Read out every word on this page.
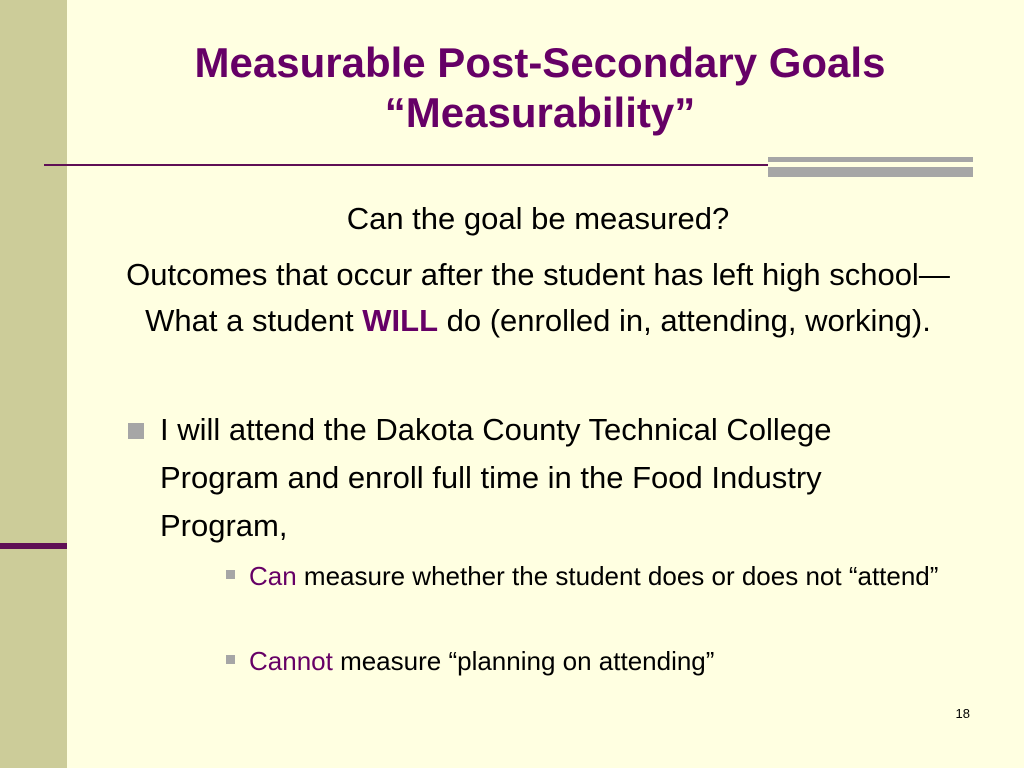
Measurable Post-Secondary Goals
“Measurability”
Can the goal be measured?
Outcomes that occur after the student has left high school—What a student WILL do (enrolled in, attending, working).
I will attend the Dakota County Technical College Program and enroll full time in the Food Industry Program,
Can measure whether the student does or does not “attend”
Cannot measure “planning on attending”
18
